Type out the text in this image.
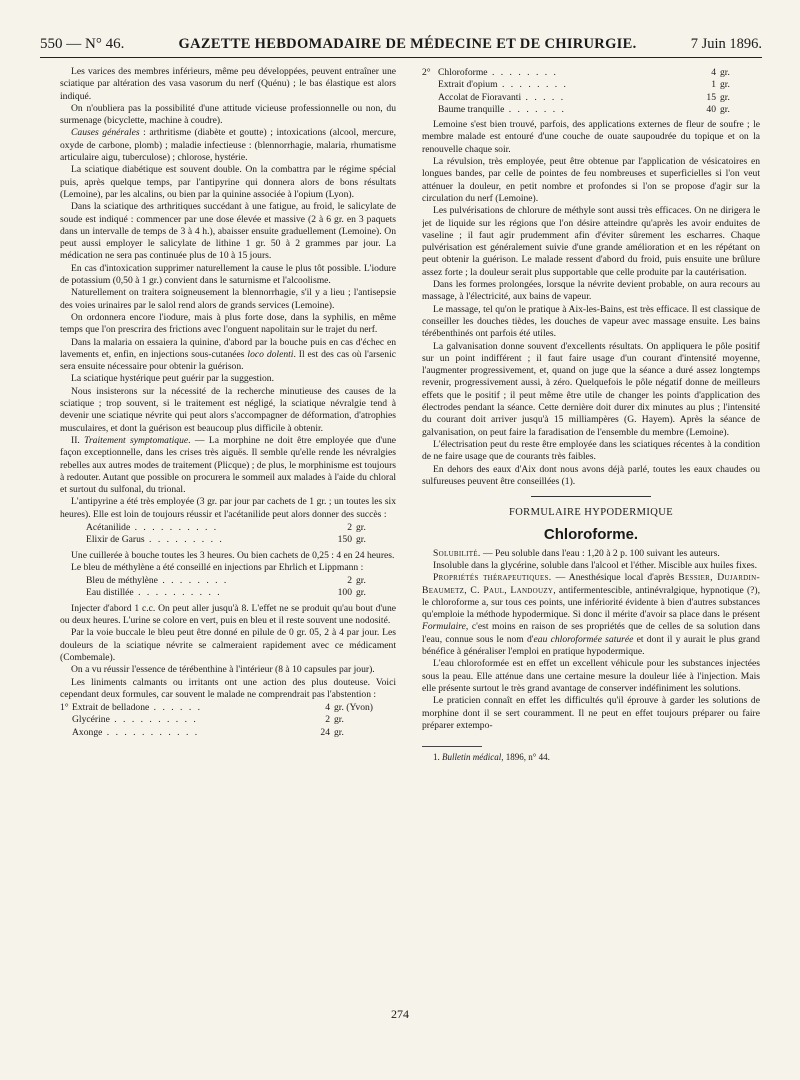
550 — N° 46.	GAZETTE HEBDOMADAIRE DE MÉDECINE ET DE CHIRURGIE.	7 Juin 1896.

Les varices des membres inférieurs, même peu développées, peuvent entraîner une sciatique par altération des vasa vasorum du nerf (Quénu) ; le bas élastique est alors indiqué.

On n'oubliera pas la possibilité d'une attitude vicieuse professionnelle ou non, du surmenage (bicyclette, machine à coudre).

Causes générales : arthritisme (diabète et goutte) ; intoxications (alcool, mercure, oxyde de carbone, plomb) ; maladie infectieuse : (blennorrhagie, malaria, rhumatisme articulaire aigu, tuberculose) ; chlorose, hystérie.

La sciatique diabétique est souvent double. On la combattra par le régime spécial puis, après quelque temps, par l'antipyrine qui donnera alors de bons résultats (Lemoine), par les alcalins, ou bien par la quinine associée à l'opium (Lyon).

Dans la sciatique des arthritiques succédant à une fatigue, au froid, le salicylate de soude est indiqué : commencer par une dose élevée et massive (2 à 6 gr. en 3 paquets dans un intervalle de temps de 3 à 4 h.), abaisser ensuite graduellement (Lemoine). On peut aussi employer le salicylate de lithine 1 gr. 50 à 2 grammes par jour. La médication ne sera pas continuée plus de 10 à 15 jours.

En cas d'intoxication supprimer naturellement la cause le plus tôt possible. L'iodure de potassium (0,50 à 1 gr.) convient dans le saturnisme et l'alcoolisme.

Naturellement on traitera soigneusement la blennorrhagie, s'il y a lieu ; l'antisepsie des voies urinaires par le salol rend alors de grands services (Lemoine).

On ordonnera encore l'iodure, mais à plus forte dose, dans la syphilis, en même temps que l'on prescrira des frictions avec l'onguent napolitain sur le trajet du nerf.

Dans la malaria on essaiera la quinine, d'abord par la bouche puis en cas d'échec en lavements et, enfin, en injections sous-cutanées loco dolenti. Il est des cas où l'arsenic sera ensuite nécessaire pour obtenir la guérison.

La sciatique hystérique peut guérir par la suggestion.

Nous insisterons sur la nécessité de la recherche minutieuse des causes de la sciatique ; trop souvent, si le traitement est négligé, la sciatique névralgie tend à devenir une sciatique névrite qui peut alors s'accompagner de déformation, d'atrophies musculaires, et dont la guérison est beaucoup plus difficile à obtenir.

II. Traitement symptomatique. — La morphine ne doit être employée que d'une façon exceptionnelle, dans les crises très aiguës. Il semble qu'elle rende les névralgies rebelles aux autres modes de traitement (Plicque) ; de plus, le morphinisme est toujours à redouter. Autant que possible on procurera le sommeil aux malades à l'aide du chloral et surtout du sulfonal, du trional.

L'antipyrine a été très employée (3 gr. par jour par cachets de 1 gr. ; un toutes les six heures). Elle est loin de toujours réussir et l'acétanilide peut alors donner des succès :

	Acétanilide . . . . . . . . . .	2	gr.
	Elixir de Garus . . . . . . . . .	150	gr.

Une cuillerée à bouche toutes les 3 heures. Ou bien cachets de 0,25 : 4 en 24 heures.

Le bleu de méthylène a été conseillé en injections par Ehrlich et Lippmann :

	Bleu de méthylène . . . . . . . .	2	gr.
	Eau distillée . . . . . . . . . .	100	gr.

Injecter d'abord 1 c.c. On peut aller jusqu'à 8. L'effet ne se produit qu'au bout d'une ou deux heures. L'urine se colore en vert, puis en bleu et il reste souvent une nodosité.

Par la voie buccale le bleu peut être donné en pilule de 0 gr. 05, 2 à 4 par jour. Les douleurs de la sciatique névrite se calmeraient rapidement avec ce médicament (Combemale).

On a vu réussir l'essence de térébenthine à l'intérieur (8 à 10 capsules par jour).

Les liniments calmants ou irritants ont une action des plus douteuse. Voici cependant deux formules, car souvent le malade ne comprendrait pas l'abstention :

1°	Extrait de belladone . . . . . .	4	gr. (Yvon)
	Glycérine . . . . . . . . . .	2	gr.
	Axonge . . . . . . . . . . .	24	gr.
2°	Chloroforme . . . . . . . .	4	gr.
	Extrait d'opium . . . . . . . .	1	gr.
	Accolat de Fioravanti . . . . .	15	gr.
	Baume tranquille . . . . . . .	40	gr.

Lemoine s'est bien trouvé, parfois, des applications externes de fleur de soufre ; le membre malade est entouré d'une couche de ouate saupoudrée du topique et on la renouvelle chaque soir.

La révulsion, très employée, peut être obtenue par l'application de vésicatoires en longues bandes, par celle de pointes de feu nombreuses et superficielles si l'on veut atténuer la douleur, en petit nombre et profondes si l'on se propose d'agir sur la circulation du nerf (Lemoine).

Les pulvérisations de chlorure de méthyle sont aussi très efficaces. On ne dirigera le jet de liquide sur les régions que l'on désire atteindre qu'après les avoir enduites de vaseline ; il faut agir prudemment afin d'éviter sûrement les escharres. Chaque pulvérisation est généralement suivie d'une grande amélioration et en les répétant on peut obtenir la guérison. Le malade ressent d'abord du froid, puis ensuite une brûlure assez forte ; la douleur serait plus supportable que celle produite par la cautérisation.

Dans les formes prolongées, lorsque la névrite devient probable, on aura recours au massage, à l'électricité, aux bains de vapeur.

Le massage, tel qu'on le pratique à Aix-les-Bains, est très efficace. Il est classique de conseiller les douches tièdes, les douches de vapeur avec massage ensuite. Les bains térébenthinés ont parfois été utiles.

La galvanisation donne souvent d'excellents résultats. On appliquera le pôle positif sur un point indifférent ; il faut faire usage d'un courant d'intensité moyenne, l'augmenter progressivement, et, quand on juge que la séance a duré assez longtemps revenir, progressivement aussi, à zéro. Quelquefois le pôle négatif donne de meilleurs effets que le positif ; il peut même être utile de changer les points d'application des électrodes pendant la séance. Cette dernière doit durer dix minutes au plus ; l'intensité du courant doit arriver jusqu'à 15 milliampères (G. Hayem). Après la séance de galvanisation, on peut faire la faradisation de l'ensemble du membre (Lemoine).

L'électrisation peut du reste être employée dans les sciatiques récentes à la condition de ne faire usage que de courants très faibles.

En dehors des eaux d'Aix dont nous avons déjà parlé, toutes les eaux chaudes ou sulfureuses peuvent être conseillées (1).

FORMULAIRE HYPODERMIQUE
Chloroforme.

Solubilité. — Peu soluble dans l'eau : 1,20 à 2 p. 100 suivant les auteurs.

Insoluble dans la glycérine, soluble dans l'alcool et l'éther. Miscible aux huiles fixes.

Propriétés thérapeutiques. — Anesthésique local d'après Bessier, Dujardin-Beaumetz, C. Paul, Landouzy, antifermentescible, antinévralgique, hypnotique (?), le chloroforme a, sur tous ces points, une infériorité évidente à bien d'autres substances qu'emploie la méthode hypodermique. Si donc il mérite d'avoir sa place dans le présent Formulaire, c'est moins en raison de ses propriétés que de celles de sa solution dans l'eau, connue sous le nom d'eau chloroformée saturée et dont il y aurait le plus grand bénéfice à généraliser l'emploi en pratique hypodermique.

L'eau chloroformée est en effet un excellent véhicule pour les substances injectées sous la peau. Elle atténue dans une certaine mesure la douleur liée à l'injection. Mais elle présente surtout le très grand avantage de conserver indéfiniment les solutions.

Le praticien connaît en effet les difficultés qu'il éprouve à garder les solutions de morphine dont il se sert couramment. Il ne peut en effet toujours préparer ou faire préparer extempo-

1. Bulletin médical, 1896, n° 44.

274
